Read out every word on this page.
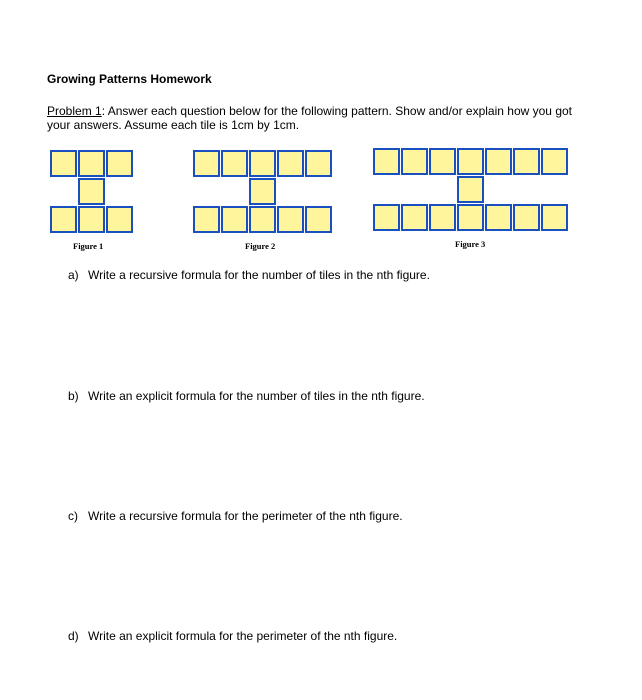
Growing Patterns Homework
Problem 1: Answer each question below for the following pattern. Show and/or explain how you got your answers. Assume each tile is 1cm by 1cm.
Figure 1	Figure 2	Figure 3
a) Write a recursive formula for the number of tiles in the nth figure.
b) Write an explicit formula for the number of tiles in the nth figure.
c) Write a recursive formula for the perimeter of the nth figure.
d) Write an explicit formula for the perimeter of the nth figure.
